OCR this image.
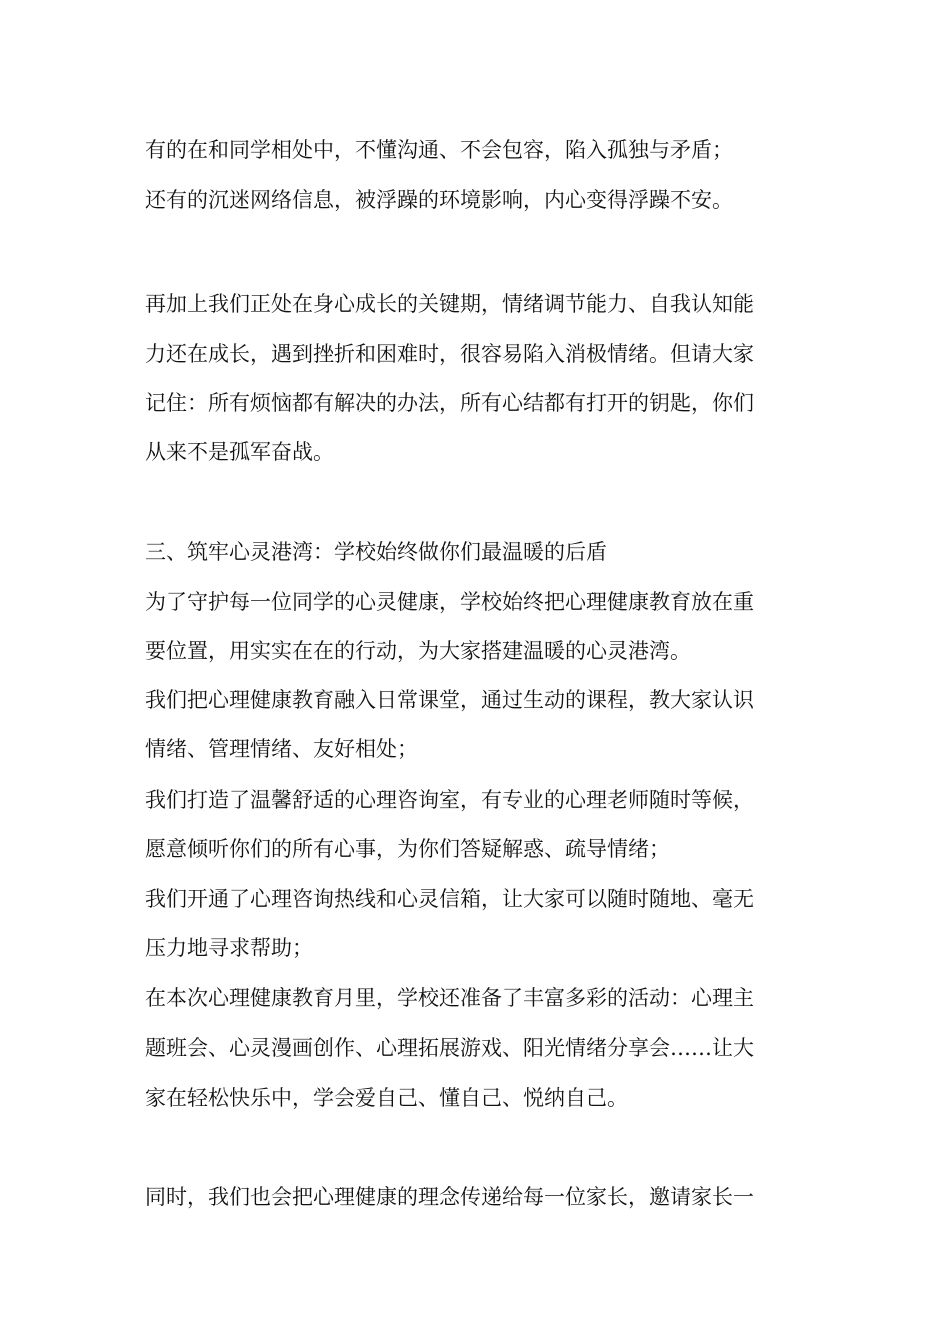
有的在和同学相处中，不懂沟通、不会包容，陷入孤独与矛盾；
还有的沉迷网络信息，被浮躁的环境影响，内心变得浮躁不安。
再加上我们正处在身心成长的关键期，情绪调节能力、自我认知能
力还在成长，遇到挫折和困难时，很容易陷入消极情绪。但请大家
记住：所有烦恼都有解决的办法，所有心结都有打开的钥匙，你们
从来不是孤军奋战。
三、筑牢心灵港湾：学校始终做你们最温暖的后盾
为了守护每一位同学的心灵健康，学校始终把心理健康教育放在重
要位置，用实实在在的行动，为大家搭建温暖的心灵港湾。
我们把心理健康教育融入日常课堂，通过生动的课程，教大家认识
情绪、管理情绪、友好相处；
我们打造了温馨舒适的心理咨询室，有专业的心理老师随时等候，
愿意倾听你们的所有心事，为你们答疑解惑、疏导情绪；
我们开通了心理咨询热线和心灵信箱，让大家可以随时随地、毫无
压力地寻求帮助；
在本次心理健康教育月里，学校还准备了丰富多彩的活动：心理主
题班会、心灵漫画创作、心理拓展游戏、阳光情绪分享会……让大
家在轻松快乐中，学会爱自己、懂自己、悦纳自己。
同时，我们也会把心理健康的理念传递给每一位家长，邀请家长一
